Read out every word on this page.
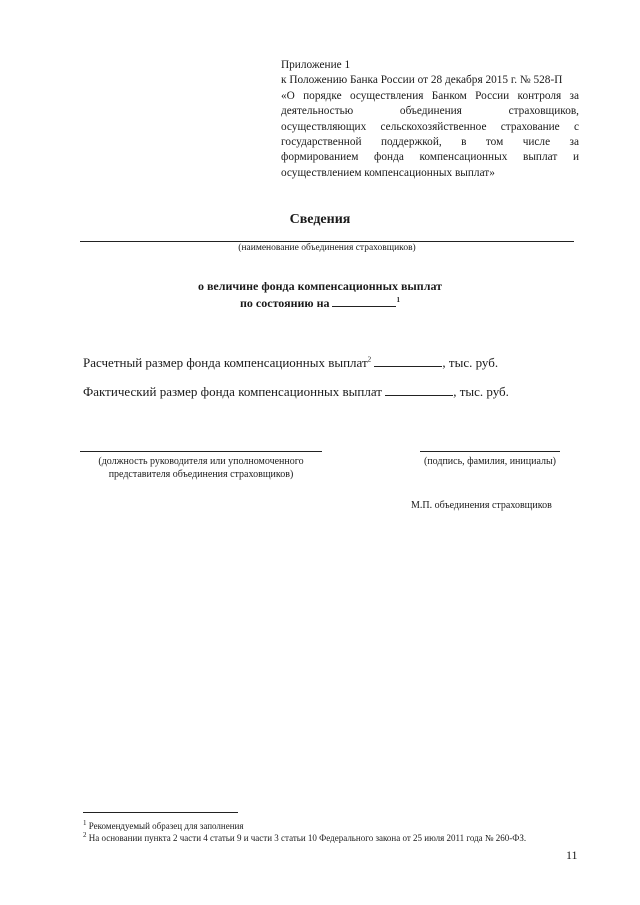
Приложение 1
к Положению Банка России от 28 декабря 2015 г. № 528-П
«О порядке осуществления Банком России контроля за
деятельностью объединения страховщиков,
осуществляющих сельскохозяйственное страхование с
государственной поддержкой, в том числе за
формированием фонда компенсационных выплат и
осуществлением компенсационных выплат»
Сведения
(наименование объединения страховщиков)
о величине фонда компенсационных выплат
по состоянию на	$^1$
Расчетный размер фонда компенсационных выплат$^2$	, тыс. руб.
Фактический размер фонда компенсационных выплат	, тыс. руб.
(должность руководителя или уполномоченного
представителя объединения страховщиков)
(подпись, фамилия, инициалы)
М.П. объединения страховщиков
$^1$ Рекомендуемый образец для заполнения
$^2$ На основании пункта 2 части 4 статьи 9 и части 3 статьи 10 Федерального закона от 25 июля 2011 года № 260-ФЗ.
11
